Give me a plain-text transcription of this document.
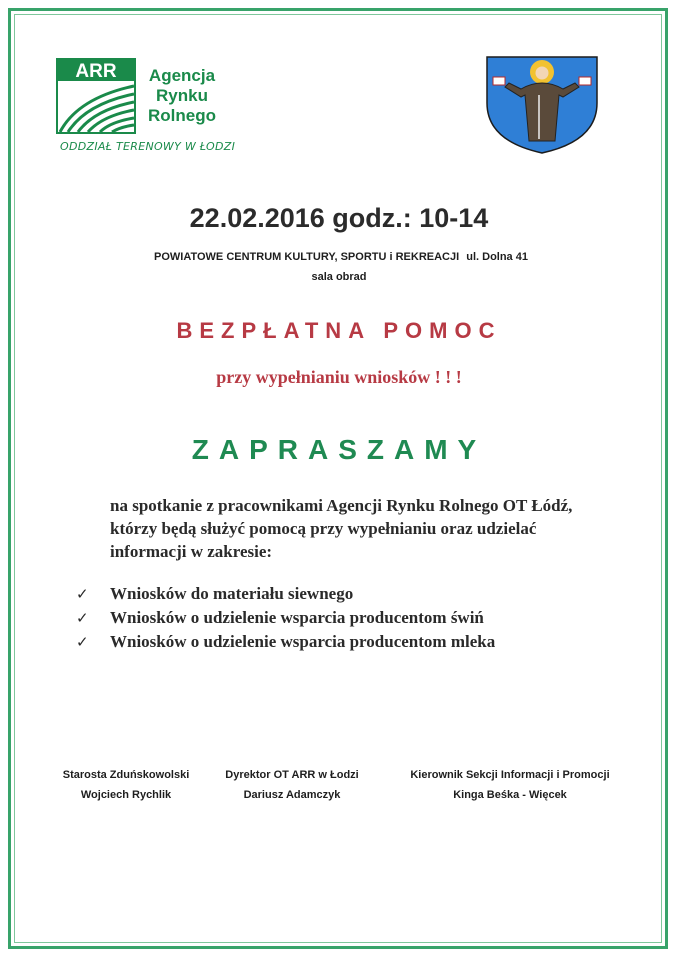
ARR Agencja
Rynku
Rolnego
ODDZIAŁ TERENOWY W ŁODZI
22.02.2016 godz.: 10-14
POWIATOWE CENTRUM KULTURY, SPORTU i REKREACJI ul. Dolna 41
sala obrad
BEZPŁATNA POMOC
przy wypełnianiu wniosków ! ! !
ZAPRASZAMY
na spotkanie z pracownikami Agencji Rynku Rolnego OT Łódź,
którzy będą służyć pomocą przy wypełnianiu oraz udzielać
informacji w zakresie:
✓ Wniosków do materiału siewnego
✓ Wniosków o udzielenie wsparcia producentom świń
✓ Wniosków o udzielenie wsparcia producentom mleka
Starosta Zduńskowolski
Wojciech Rychlik
Dyrektor OT ARR w Łodzi
Dariusz Adamczyk
Kierownik Sekcji Informacji i Promocji
Kinga Beśka - Więcek
